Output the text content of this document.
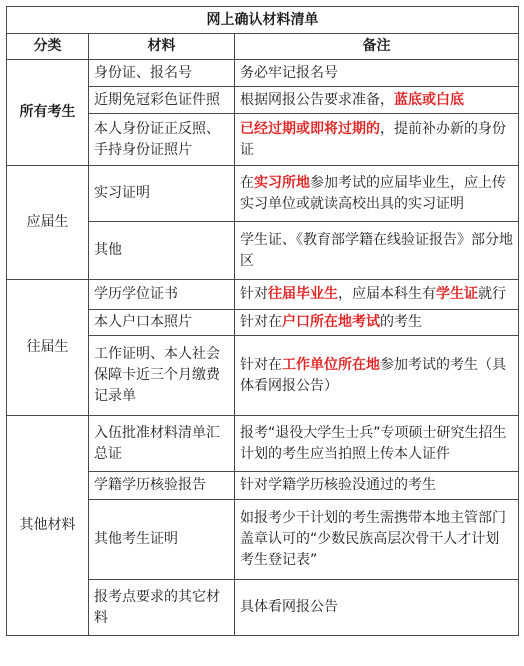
网上确认材料清单		
分类	材料	备注
所有考生	身份证、报名号	务必牢记报名号
	近期免冠彩色证件照	根据网报公告要求准备，蓝底或白底
	本人身份证正反照、手持身份证照片	已经过期或即将过期的，提前补办新的身份证
应届生	实习证明	在实习所地参加考试的应届毕业生，应上传实习单位或就读高校出具的实习证明
	其他	学生证、《教育部学籍在线验证报告》部分地区
往届生	学历学位证书	针对往届毕业生，应届本科生有学生证就行
	本人户口本照片	针对在户口所在地考试的考生
	工作证明、本人社会保障卡近三个月缴费记录单	针对在工作单位所在地参加考试的考生（具体看网报公告）
其他材料	入伍批准材料清单汇总证	报考“退役大学生士兵”专项硕士研究生招生计划的考生应当拍照上传本人证件
	学籍学历核验报告	针对学籍学历核验没通过的考生
	其他考生证明	如报考少干计划的考生需携带本地主管部门盖章认可的“少数民族高层次骨干人才计划考生登记表”
	报考点要求的其它材料	具体看网报公告
